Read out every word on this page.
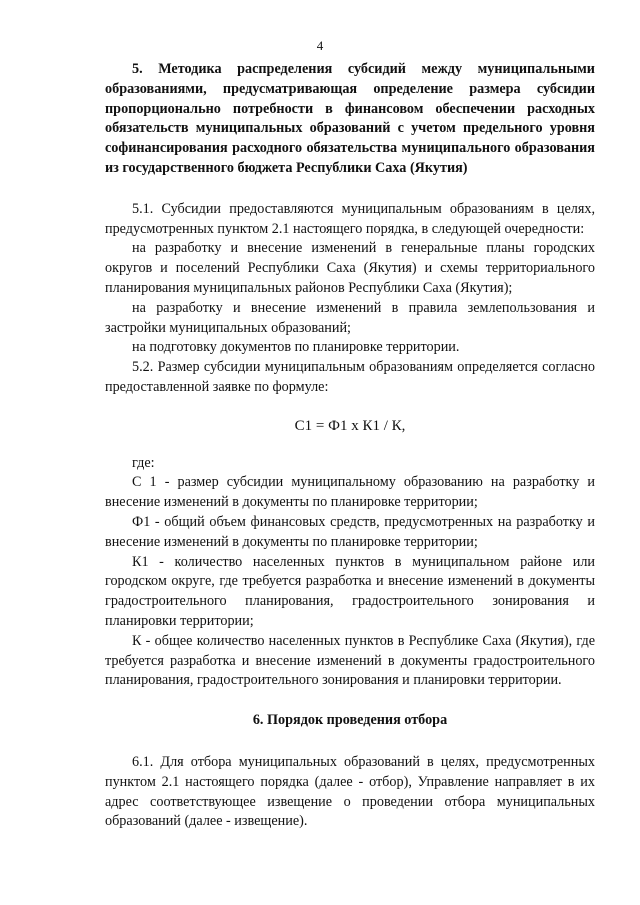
4

5. Методика распределения субсидий между муниципальными образованиями, предусматривающая определение размера субсидии пропорционально потребности в финансовом обеспечении расходных обязательств муниципальных образований с учетом предельного уровня софинансирования расходного обязательства муниципального образования из государственного бюджета Республики Саха (Якутия)

5.1. Субсидии предоставляются муниципальным образованиям в целях, предусмотренных пунктом 2.1 настоящего порядка, в следующей очередности:

на разработку и внесение изменений в генеральные планы городских округов и поселений Республики Саха (Якутия) и схемы территориального планирования муниципальных районов Республики Саха (Якутия);

на разработку и внесение изменений в правила землепользования и застройки муниципальных образований;

на подготовку документов по планировке территории.

5.2. Размер субсидии муниципальным образованиям определяется согласно предоставленной заявке по формуле:

С1 = Ф1 х К1 / К,

где:

С 1 - размер субсидии муниципальному образованию на разработку и внесение изменений в документы по планировке территории;

Ф1 - общий объем финансовых средств, предусмотренных на разработку и внесение изменений в документы по планировке территории;

К1 - количество населенных пунктов в муниципальном районе или городском округе, где требуется разработка и внесение изменений в документы градостроительного планирования, градостроительного зонирования и планировки территории;

К - общее количество населенных пунктов в Республике Саха (Якутия), где требуется разработка и внесение изменений в документы градостроительного планирования, градостроительного зонирования и планировки территории.

6. Порядок проведения отбора

6.1. Для отбора муниципальных образований в целях, предусмотренных пунктом 2.1 настоящего порядка (далее - отбор), Управление направляет в их адрес соответствующее извещение о проведении отбора муниципальных образований (далее - извещение).
